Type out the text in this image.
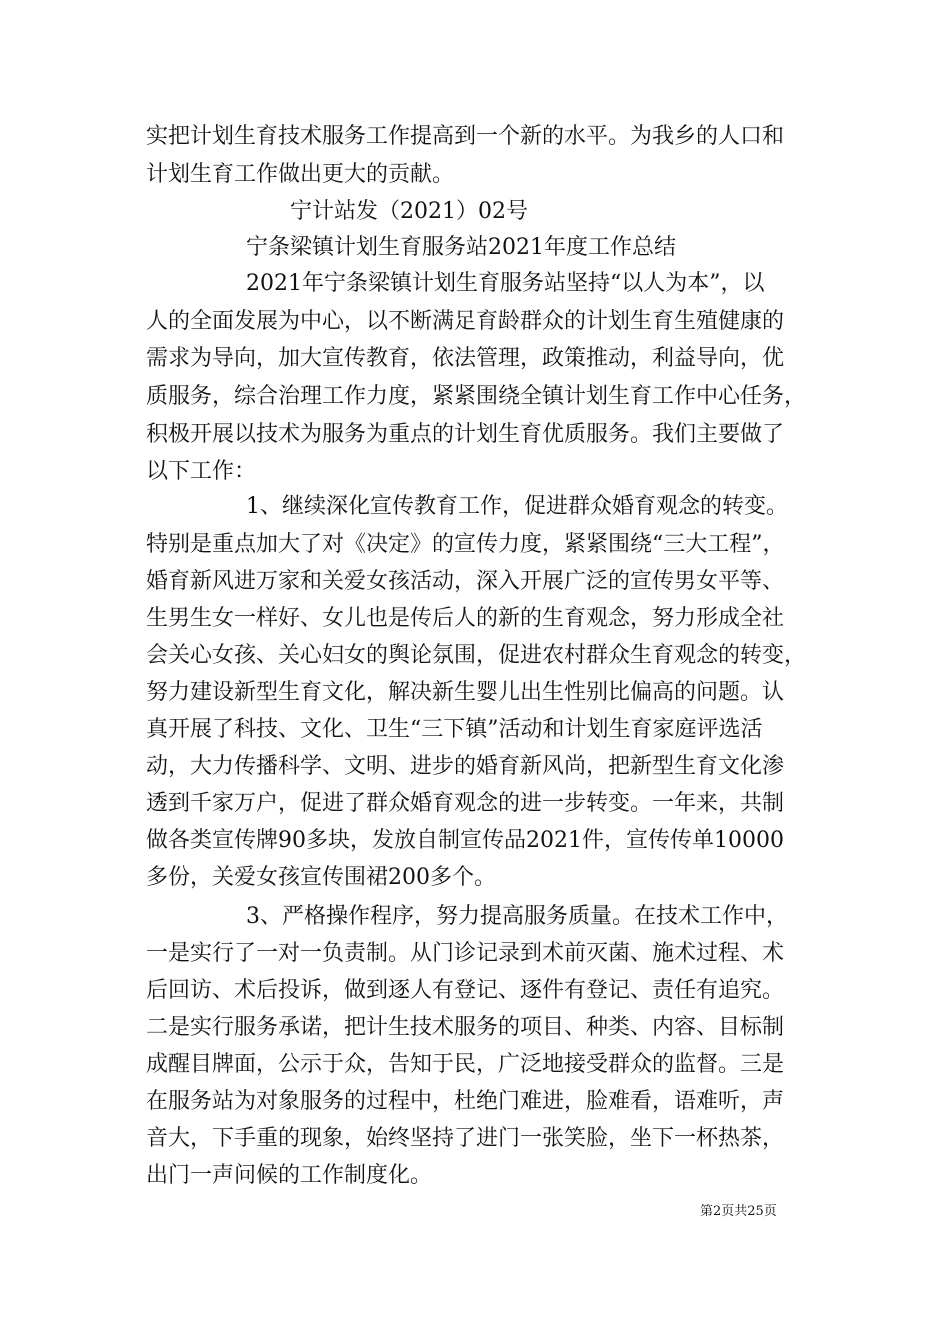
实把计划生育技术服务工作提高到一个新的水平。为我乡的人口和
计划生育工作做出更大的贡献。
宁计站发（2021）02号
宁条梁镇计划生育服务站2021年度工作总结
2021年宁条梁镇计划生育服务站坚持“以人为本”，以
人的全面发展为中心，以不断满足育龄群众的计划生育生殖健康的
需求为导向，加大宣传教育，依法管理，政策推动，利益导向，优
质服务，综合治理工作力度，紧紧围绕全镇计划生育工作中心任务，
积极开展以技术为服务为重点的计划生育优质服务。我们主要做了
以下工作：
1、继续深化宣传教育工作，促进群众婚育观念的转变。
特别是重点加大了对《决定》的宣传力度，紧紧围绕“三大工程”，
婚育新风进万家和关爱女孩活动，深入开展广泛的宣传男女平等、
生男生女一样好、女儿也是传后人的新的生育观念，努力形成全社
会关心女孩、关心妇女的舆论氛围，促进农村群众生育观念的转变，
努力建设新型生育文化，解决新生婴儿出生性别比偏高的问题。认
真开展了科技、文化、卫生“三下镇”活动和计划生育家庭评选活
动，大力传播科学、文明、进步的婚育新风尚，把新型生育文化渗
透到千家万户，促进了群众婚育观念的进一步转变。一年来，共制
做各类宣传牌90多块，发放自制宣传品2021件，宣传传单10000
多份，关爱女孩宣传围裙200多个。
3、严格操作程序，努力提高服务质量。在技术工作中，
一是实行了一对一负责制。从门诊记录到术前灭菌、施术过程、术
后回访、术后投诉，做到逐人有登记、逐件有登记、责任有追究。
二是实行服务承诺，把计生技术服务的项目、种类、内容、目标制
成醒目牌面，公示于众，告知于民，广泛地接受群众的监督。三是
在服务站为对象服务的过程中，杜绝门难进，脸难看，语难听，声
音大，下手重的现象，始终坚持了进门一张笑脸，坐下一杯热茶，
出门一声问候的工作制度化。
第2页共25页
